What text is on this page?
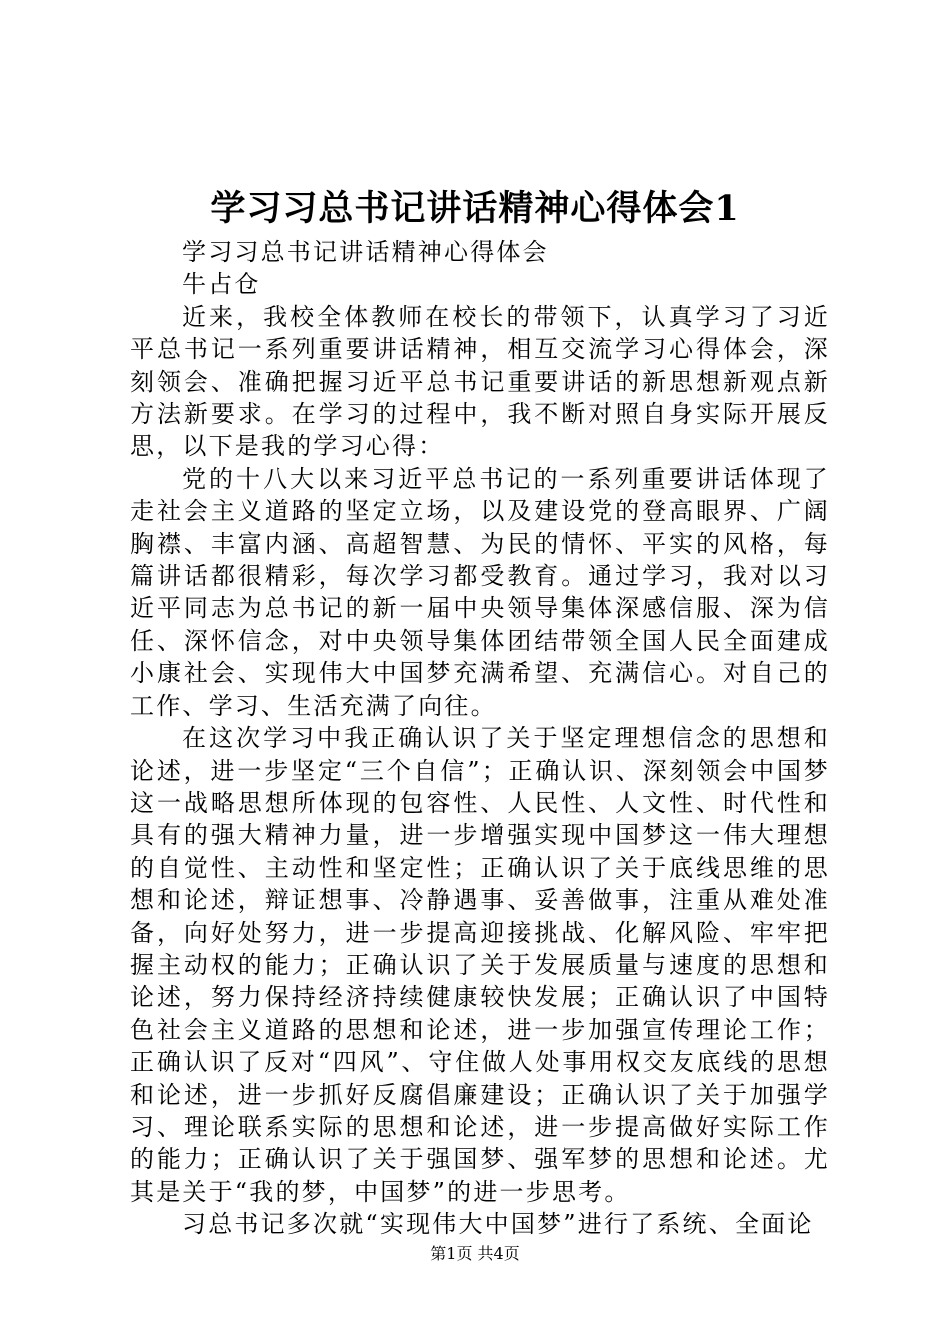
学习习总书记讲话精神心得体会1

学习习总书记讲话精神心得体会

牛占仓

近来，我校全体教师在校长的带领下，认真学习了习近平总书记一系列重要讲话精神，相互交流学习心得体会，深刻领会、准确把握习近平总书记重要讲话的新思想新观点新方法新要求。在学习的过程中，我不断对照自身实际开展反思，以下是我的学习心得：

党的十八大以来习近平总书记的一系列重要讲话体现了走社会主义道路的坚定立场，以及建设党的登高眼界、广阔胸襟、丰富内涵、高超智慧、为民的情怀、平实的风格，每篇讲话都很精彩，每次学习都受教育。通过学习，我对以习近平同志为总书记的新一届中央领导集体深感信服、深为信任、深怀信念，对中央领导集体团结带领全国人民全面建成小康社会、实现伟大中国梦充满希望、充满信心。对自己的工作、学习、生活充满了向往。

在这次学习中我正确认识了关于坚定理想信念的思想和论述，进一步坚定“三个自信”；正确认识、深刻领会中国梦这一战略思想所体现的包容性、人民性、人文性、时代性和具有的强大精神力量，进一步增强实现中国梦这一伟大理想的自觉性、主动性和坚定性；正确认识了关于底线思维的思想和论述，辩证想事、冷静遇事、妥善做事，注重从难处准备，向好处努力，进一步提高迎接挑战、化解风险、牢牢把握主动权的能力；正确认识了关于发展质量与速度的思想和论述，努力保持经济持续健康较快发展；正确认识了中国特色社会主义道路的思想和论述，进一步加强宣传理论工作；正确认识了反对“四风”、守住做人处事用权交友底线的思想和论述，进一步抓好反腐倡廉建设；正确认识了关于加强学习、理论联系实际的思想和论述，进一步提高做好实际工作的能力；正确认识了关于强国梦、强军梦的思想和论述。尤其是关于“我的梦，中国梦”的进一步思考。

习总书记多次就“实现伟大中国梦”进行了系统、全面论

第1页 共4页
